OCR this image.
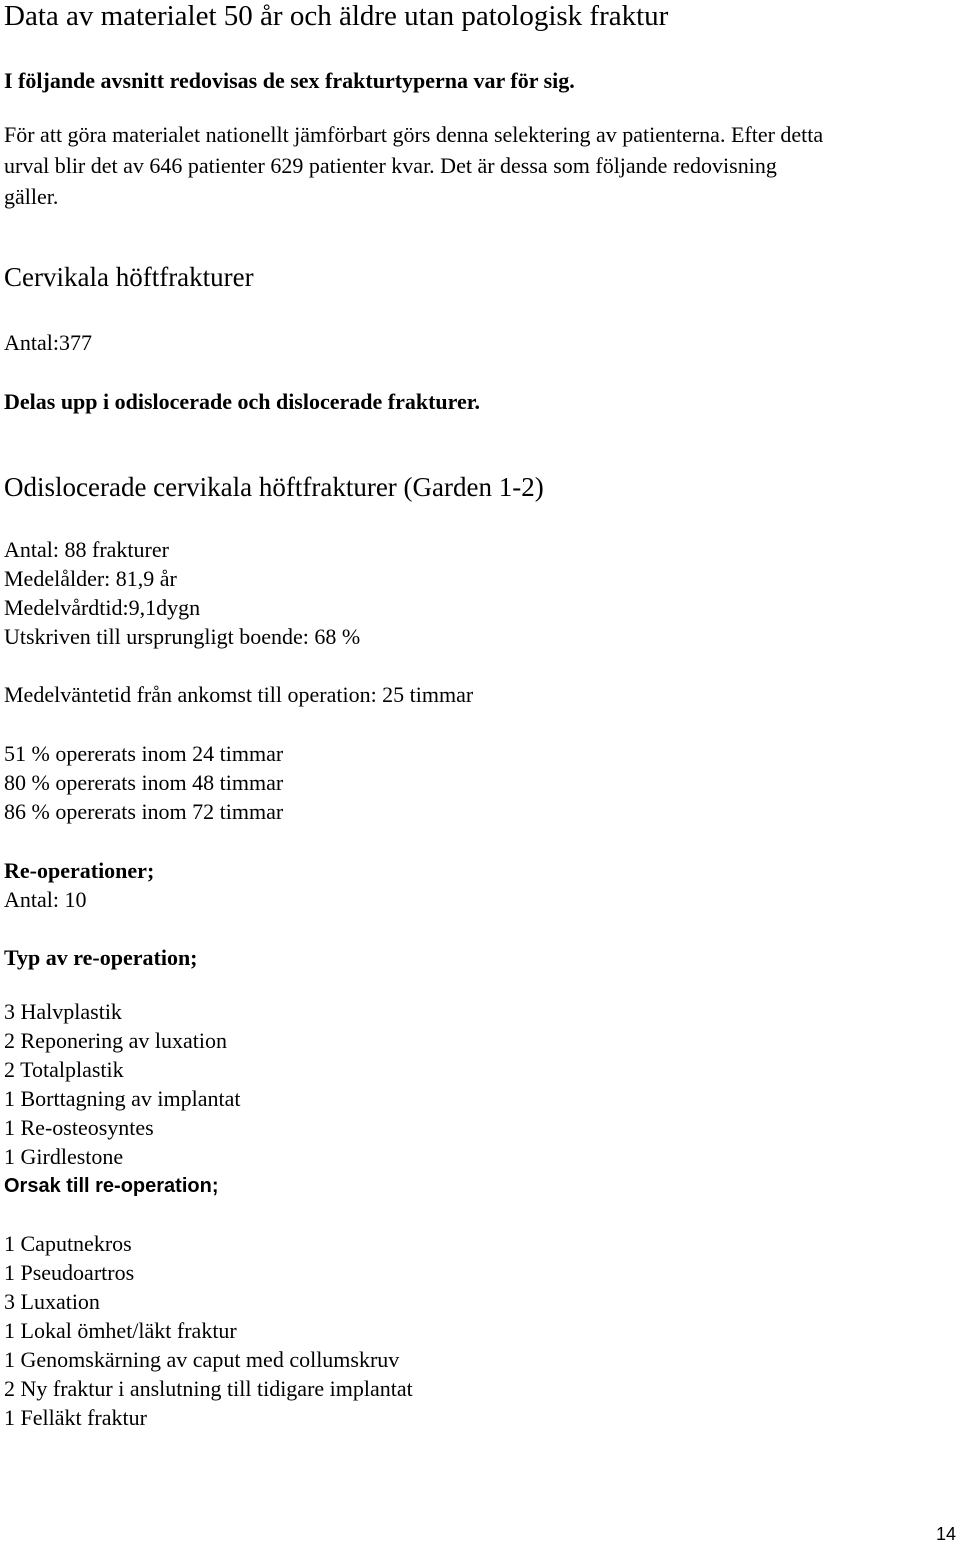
Data av materialet 50 år och äldre utan patologisk fraktur
I följande avsnitt redovisas de sex frakturtyperna var för sig.
För att göra materialet nationellt jämförbart görs denna selektering av patienterna. Efter detta
urval blir det av 646 patienter 629 patienter kvar. Det är dessa som följande redovisning
gäller.
Cervikala höftfrakturer
Antal:377
Delas upp i odislocerade och dislocerade frakturer.
Odislocerade cervikala höftfrakturer (Garden 1-2)
Antal: 88 frakturer
Medelålder: 81,9 år
Medelvårdtid:9,1dygn
Utskriven till ursprungligt boende: 68 %
Medelväntetid från ankomst till operation: 25 timmar
51 % opererats inom 24 timmar
80 % opererats inom 48 timmar
86 % opererats inom 72 timmar
Re-operationer;
Antal: 10
Typ av re-operation;
3 Halvplastik
2 Reponering av luxation
2 Totalplastik
1 Borttagning av implantat
1 Re-osteosyntes
1 Girdlestone
Orsak till re-operation;
1 Caputnekros
1 Pseudoartros
3 Luxation
1 Lokal ömhet/läkt fraktur
1 Genomskärning av caput med collumskruv
2 Ny fraktur i anslutning till tidigare implantat
1 Felläkt fraktur
14
